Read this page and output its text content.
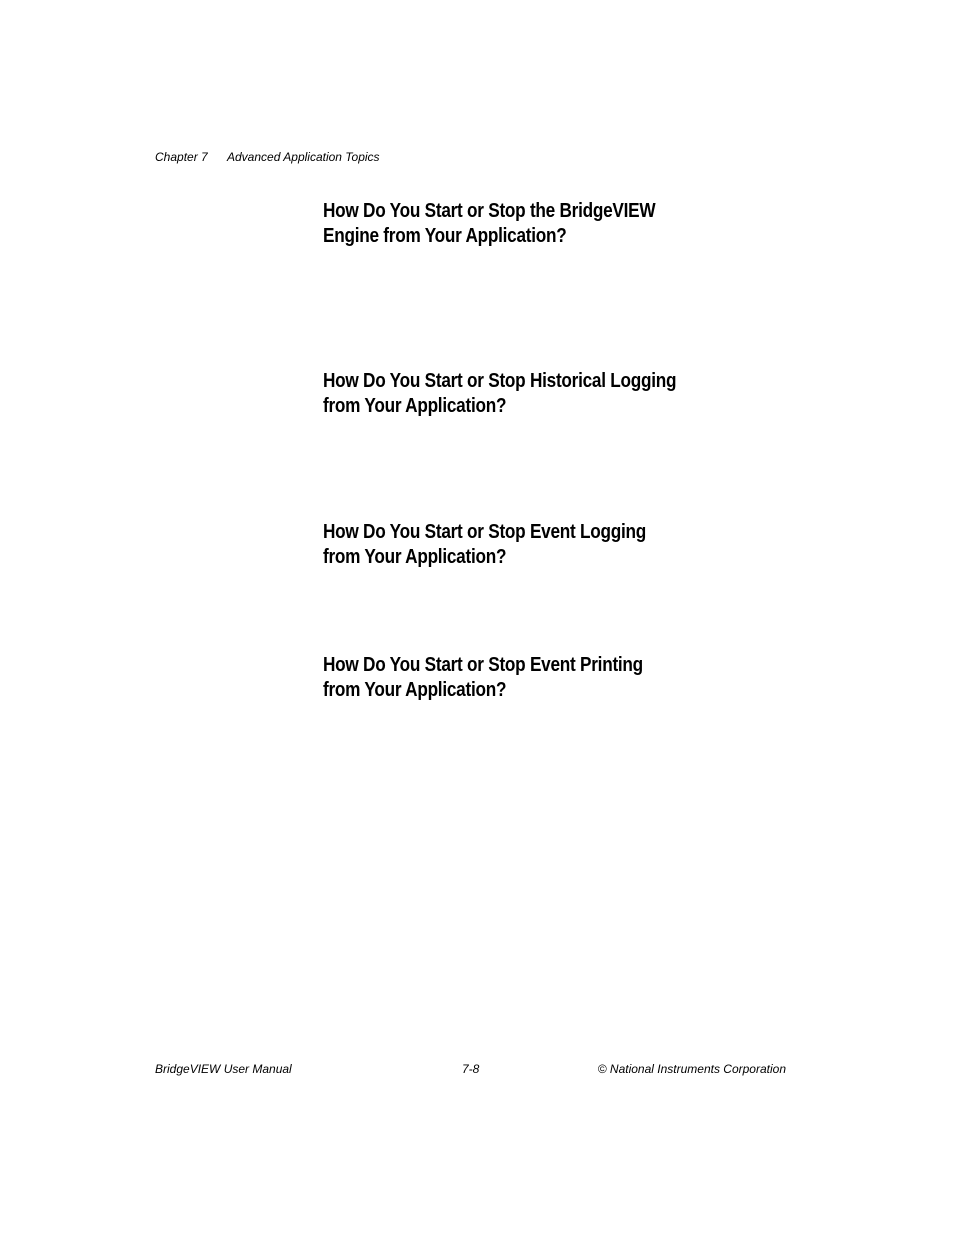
Chapter 7 Advanced Application Topics
How Do You Start or Stop the BridgeVIEW
Engine from Your Application?
How Do You Start or Stop Historical Logging
from Your Application?
How Do You Start or Stop Event Logging
from Your Application?
How Do You Start or Stop Event Printing
from Your Application?
BridgeVIEW User Manual	7-8	© National Instruments Corporation
